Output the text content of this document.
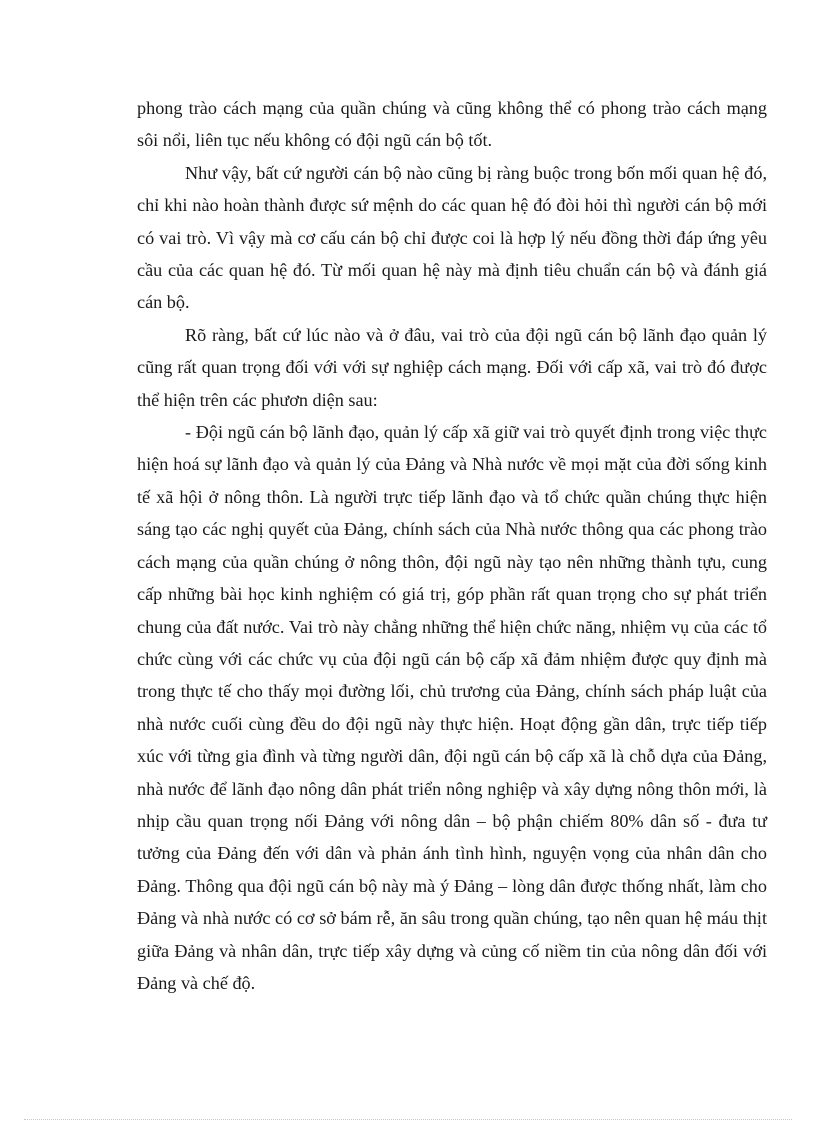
phong trào cách mạng của quần chúng và cũng không thể có phong trào cách mạng sôi nổi, liên tục nếu không có đội ngũ cán bộ tốt.

Như vậy, bất cứ người cán bộ nào cũng bị ràng buộc trong bốn mối quan hệ đó, chỉ khi nào hoàn thành được sứ mệnh do các quan hệ đó đòi hỏi thì người cán bộ mới có vai trò. Vì vậy mà cơ cấu cán bộ chỉ được coi là hợp lý nếu đồng thời đáp ứng yêu cầu của các quan hệ đó. Từ mối quan hệ này mà định tiêu chuẩn cán bộ và đánh giá cán bộ.

Rõ ràng, bất cứ lúc nào và ở đâu, vai trò của đội ngũ cán bộ lãnh đạo quản lý cũng rất quan trọng đối với với sự nghiệp cách mạng. Đối với cấp xã, vai trò đó được thể hiện trên các phươn diện sau:

- Đội ngũ cán bộ lãnh đạo, quản lý cấp xã giữ vai trò quyết định trong việc thực hiện hoá sự lãnh đạo và quản lý của Đảng và Nhà nước về mọi mặt của đời sống kinh tế xã hội ở nông thôn. Là người trực tiếp lãnh đạo và tổ chức quần chúng thực hiện sáng tạo các nghị quyết của Đảng, chính sách của Nhà nước thông qua các phong trào cách mạng của quần chúng ở nông thôn, đội ngũ này tạo nên những thành tựu, cung cấp những bài học kinh nghiệm có giá trị, góp phần rất quan trọng cho sự phát triển chung của đất nước. Vai trò này chẳng những thể hiện chức năng, nhiệm vụ của các tổ chức cùng với các chức vụ của đội ngũ cán bộ cấp xã đảm nhiệm được quy định mà trong thực tế cho thấy mọi đường lối, chủ trương của Đảng, chính sách pháp luật của nhà nước cuối cùng đều do đội ngũ này thực hiện. Hoạt động gần dân, trực tiếp tiếp xúc với từng gia đình và từng người dân, đội ngũ cán bộ cấp xã là chỗ dựa của Đảng, nhà nước để lãnh đạo nông dân phát triển nông nghiệp và xây dựng nông thôn mới, là nhịp cầu quan trọng nối Đảng với nông dân – bộ phận chiếm 80% dân số - đưa tư tưởng của Đảng đến với dân và phản ánh tình hình, nguyện vọng của nhân dân cho Đảng. Thông qua đội ngũ cán bộ này mà ý Đảng – lòng dân được thống nhất, làm cho Đảng và nhà nước có cơ sở bám rễ, ăn sâu trong quần chúng, tạo nên quan hệ máu thịt giữa Đảng và nhân dân, trực tiếp xây dựng và củng cố niềm tin của nông dân đối với Đảng và chế độ.
